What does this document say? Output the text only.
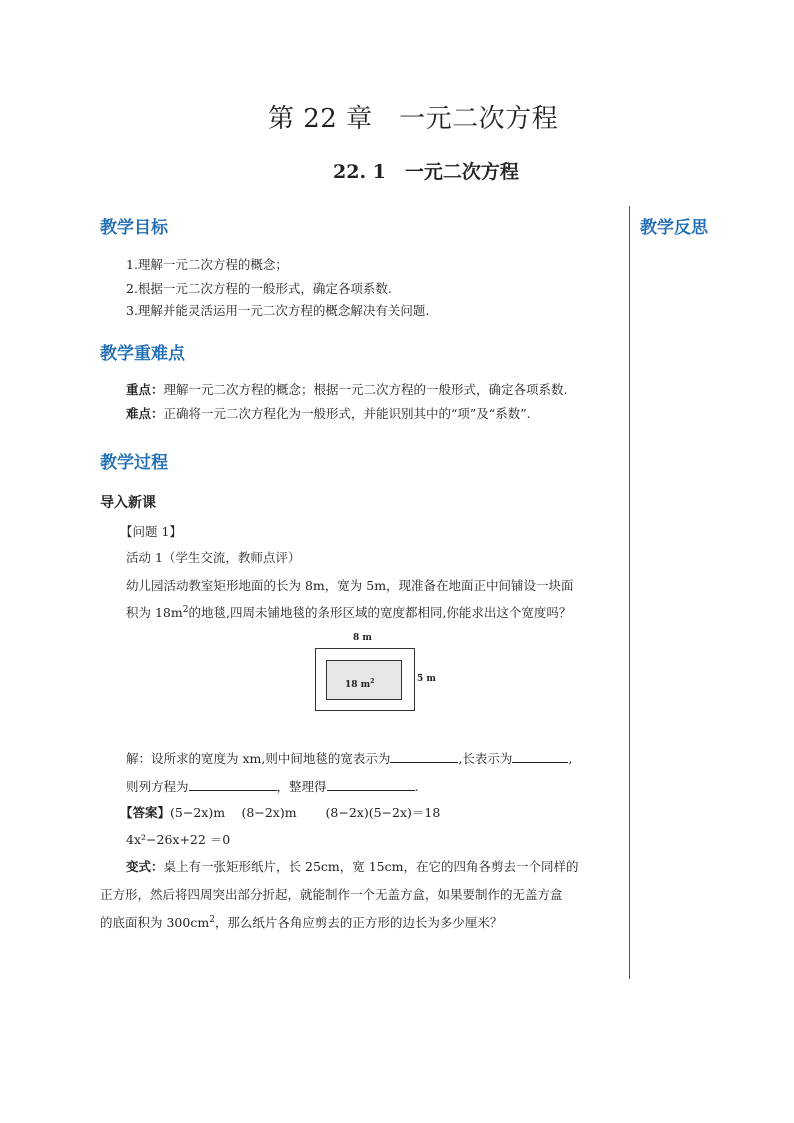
第 22 章　一元二次方程
22. 1　一元二次方程
教学反思
教学目标
1.理解一元二次方程的概念；
2.根据一元二次方程的一般形式，确定各项系数.
3.理解并能灵活运用一元二次方程的概念解决有关问题.
教学重难点
重点：理解一元二次方程的概念；根据一元二次方程的一般形式，确定各项系数.
难点：正确将一元二次方程化为一般形式，并能识别其中的“项”及“系数”.
教学过程
导入新课
【问题 1】
活动 1（学生交流，教师点评）
幼儿园活动教室矩形地面的长为 8m，宽为 5m，现准备在地面正中间铺设一块面
积为 $18m^2$的地毯,四周未铺地毯的条形区域的宽度都相同,你能求出这个宽度吗？
8 m
18 $m^2$	5 m
解：设所求的宽度为 xm,则中间地毯的宽表示为	,长表示为	,
则列方程为	，整理得	.
【答案】(5−2x)m　 (8−2x)m　　 (8−2x)(5−2x)＝18
4x²−26x+22 ＝0
变式：桌上有一张矩形纸片，长 25cm，宽 15cm，在它的四角各剪去一个同样的
正方形，然后将四周突出部分折起，就能制作一个无盖方盒，如果要制作的无盖方盒
的底面积为 $300cm^2$，那么纸片各角应剪去的正方形的边长为多少厘米？
